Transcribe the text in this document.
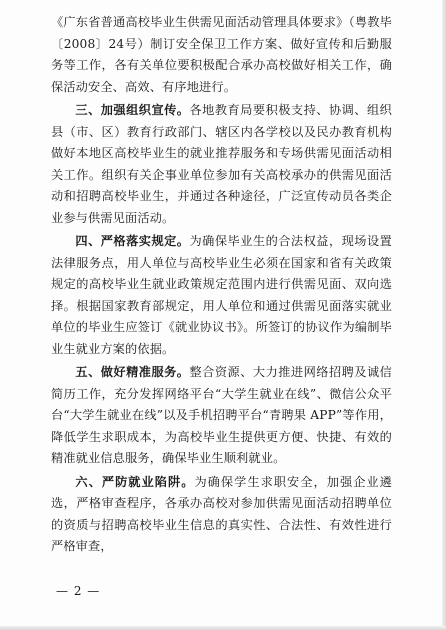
《广东省普通高校毕业生供需见面活动管理具体要求》（粤教毕〔2008〕24号）制订安全保卫工作方案、做好宣传和后勤服务等工作，各有关单位要积极配合承办高校做好相关工作，确保活动安全、高效、有序地进行。

三、加强组织宣传。各地教育局要积极支持、协调、组织县（市、区）教育行政部门、辖区内各学校以及民办教育机构做好本地区高校毕业生的就业推荐服务和专场供需见面活动相关工作。组织有关企事业单位参加有关高校承办的供需见面活动和招聘高校毕业生，并通过各种途径，广泛宣传动员各类企业参与供需见面活动。

四、严格落实规定。为确保毕业生的合法权益，现场设置法律服务点，用人单位与高校毕业生必须在国家和省有关政策规定的高校毕业生就业政策规定范围内进行供需见面、双向选择。根据国家教育部规定，用人单位和通过供需见面落实就业单位的毕业生应签订《就业协议书》。所签订的协议作为编制毕业生就业方案的依据。

五、做好精准服务。整合资源、大力推进网络招聘及诚信简历工作，充分发挥网络平台“大学生就业在线”、微信公众平台“大学生就业在线”以及手机招聘平台“青聘果 APP”等作用，降低学生求职成本，为高校毕业生提供更方便、快捷、有效的精准就业信息服务，确保毕业生顺利就业。

六、严防就业陷阱。为确保学生求职安全，加强企业遴选，严格审查程序，各承办高校对参加供需见面活动招聘单位的资质与招聘高校毕业生信息的真实性、合法性、有效性进行严格审查，

— 2 —
